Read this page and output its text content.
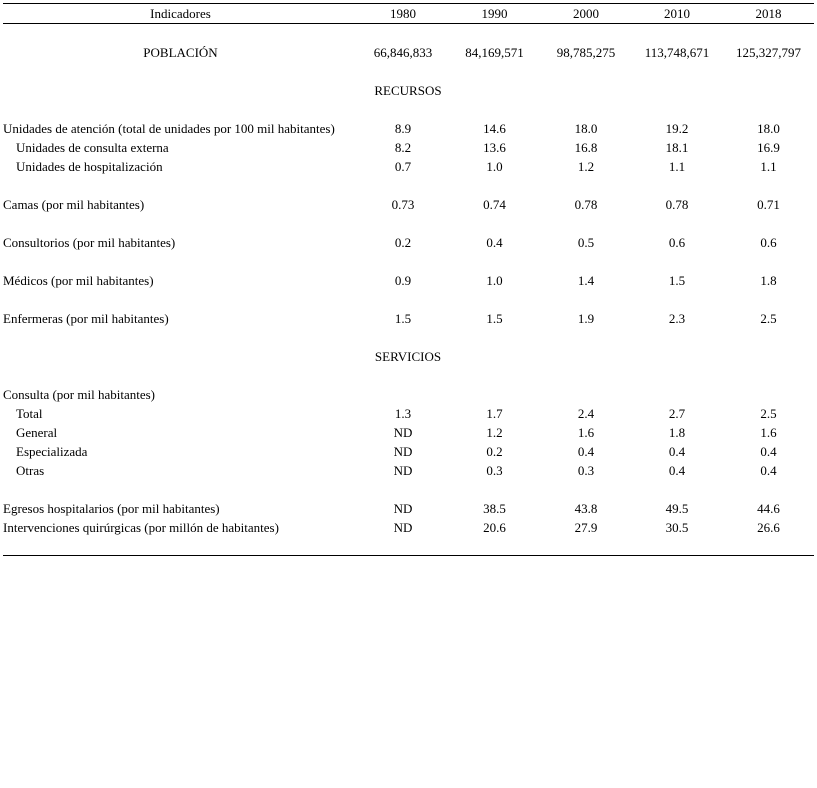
Indicadores	1980	1990	2000	2010	2018
POBLACIÓN	66,846,833	84,169,571	98,785,275	113,748,671	125,327,797
RECURSOS
Unidades de atención (total de unidades por 100 mil habitantes)	8.9	14.6	18.0	19.2	18.0
Unidades de consulta externa	8.2	13.6	16.8	18.1	16.9
Unidades de hospitalización	0.7	1.0	1.2	1.1	1.1
Camas (por mil habitantes)	0.73	0.74	0.78	0.78	0.71
Consultorios (por mil habitantes)	0.2	0.4	0.5	0.6	0.6
Médicos (por mil habitantes)	0.9	1.0	1.4	1.5	1.8
Enfermeras (por mil habitantes)	1.5	1.5	1.9	2.3	2.5
SERVICIOS
Consulta (por mil habitantes)
Total	1.3	1.7	2.4	2.7	2.5
General	ND	1.2	1.6	1.8	1.6
Especializada	ND	0.2	0.4	0.4	0.4
Otras	ND	0.3	0.3	0.4	0.4
Egresos hospitalarios (por mil habitantes)	ND	38.5	43.8	49.5	44.6
Intervenciones quirúrgicas (por millón de habitantes)	ND	20.6	27.9	30.5	26.6
